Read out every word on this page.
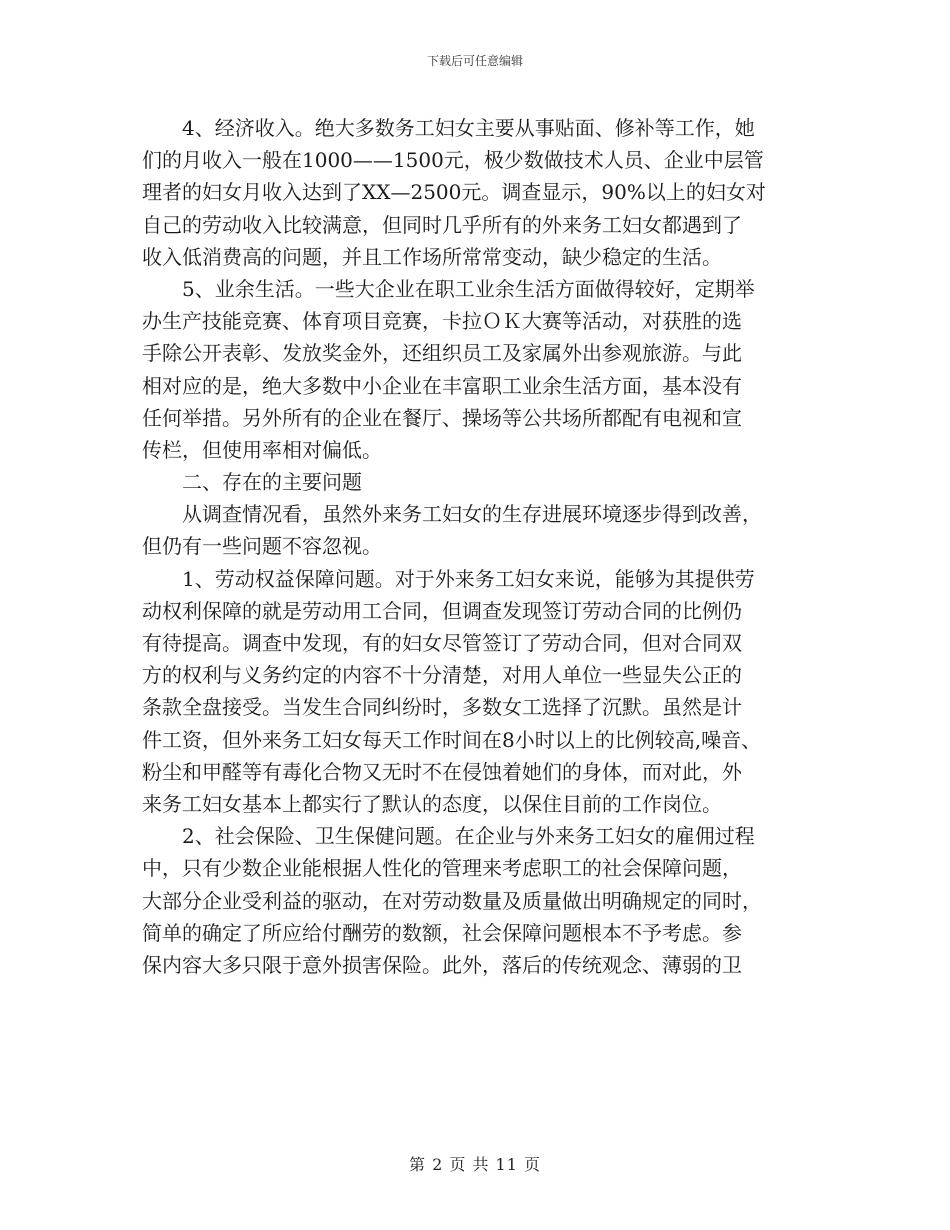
下载后可任意编辑
4、经济收入。绝大多数务工妇女主要从事贴面、修补等工作，她
们的月收入一般在1000——1500元，极少数做技术人员、企业中层管
理者的妇女月收入达到了XX—2500元。调查显示，90%以上的妇女对
自己的劳动收入比较满意，但同时几乎所有的外来务工妇女都遇到了
收入低消费高的问题，并且工作场所常常变动，缺少稳定的生活。
5、业余生活。一些大企业在职工业余生活方面做得较好，定期举
办生产技能竞赛、体育项目竞赛，卡拉ＯＫ大赛等活动，对获胜的选
手除公开表彰、发放奖金外，还组织员工及家属外出参观旅游。与此
相对应的是，绝大多数中小企业在丰富职工业余生活方面，基本没有
任何举措。另外所有的企业在餐厅、操场等公共场所都配有电视和宣
传栏，但使用率相对偏低。
二、存在的主要问题
从调查情况看，虽然外来务工妇女的生存进展环境逐步得到改善，
但仍有一些问题不容忽视。
1、劳动权益保障问题。对于外来务工妇女来说，能够为其提供劳
动权利保障的就是劳动用工合同，但调查发现签订劳动合同的比例仍
有待提高。调查中发现，有的妇女尽管签订了劳动合同，但对合同双
方的权利与义务约定的内容不十分清楚，对用人单位一些显失公正的
条款全盘接受。当发生合同纠纷时，多数女工选择了沉默。虽然是计
件工资，但外来务工妇女每天工作时间在8小时以上的比例较高,噪音、
粉尘和甲醛等有毒化合物又无时不在侵蚀着她们的身体，而对此，外
来务工妇女基本上都实行了默认的态度，以保住目前的工作岗位。
2、社会保险、卫生保健问题。在企业与外来务工妇女的雇佣过程
中，只有少数企业能根据人性化的管理来考虑职工的社会保障问题，
大部分企业受利益的驱动，在对劳动数量及质量做出明确规定的同时，
简单的确定了所应给付酬劳的数额，社会保障问题根本不予考虑。参
保内容大多只限于意外损害保险。此外，落后的传统观念、薄弱的卫
第 2 页 共 11 页
